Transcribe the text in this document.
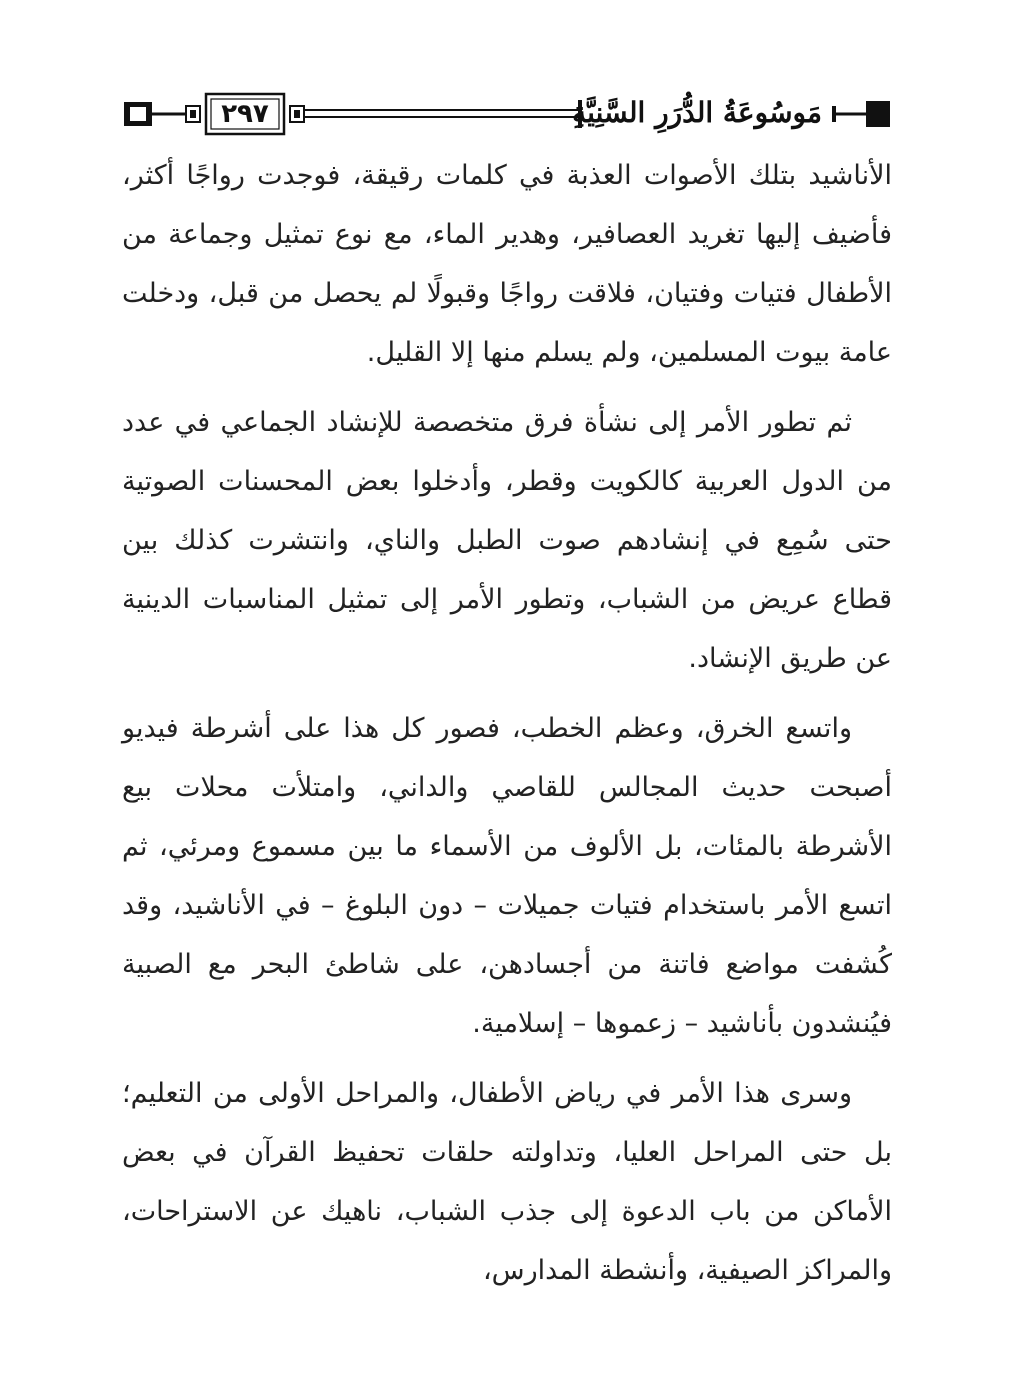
٢٩٧	مَوسُوعَةُ الدُّرَرِ السَّنِيَّةِ

الأناشيد بتلك الأصوات العذبة في كلمات رقيقة، فوجدت رواجًا أكثر، فأضيف إليها تغريد العصافير، وهدير الماء، مع نوع تمثيل وجماعة من الأطفال فتيات وفتيان، فلاقت رواجًا وقبولًا لم يحصل من قبل، ودخلت عامة بيوت المسلمين، ولم يسلم منها إلا القليل.

ثم تطور الأمر إلى نشأة فرق متخصصة للإنشاد الجماعي في عدد من الدول العربية كالكويت وقطر، وأدخلوا بعض المحسنات الصوتية حتى سُمِع في إنشادهم صوت الطبل والناي، وانتشرت كذلك بين قطاع عريض من الشباب، وتطور الأمر إلى تمثيل المناسبات الدينية عن طريق الإنشاد.

واتسع الخرق، وعظم الخطب، فصور كل هذا على أشرطة فيديو أصبحت حديث المجالس للقاصي والداني، وامتلأت محلات بيع الأشرطة بالمئات، بل الألوف من الأسماء ما بين مسموع ومرئي، ثم اتسع الأمر باستخدام فتيات جميلات – دون البلوغ – في الأناشيد، وقد كُشفت مواضع فاتنة من أجسادهن، على شاطئ البحر مع الصبية فيُنشدون بأناشيد – زعموها – إسلامية.

وسرى هذا الأمر في رياض الأطفال، والمراحل الأولى من التعليم؛ بل حتى المراحل العليا، وتداولته حلقات تحفيظ القرآن في بعض الأماكن من باب الدعوة إلى جذب الشباب، ناهيك عن الاستراحات، والمراكز الصيفية، وأنشطة المدارس،
